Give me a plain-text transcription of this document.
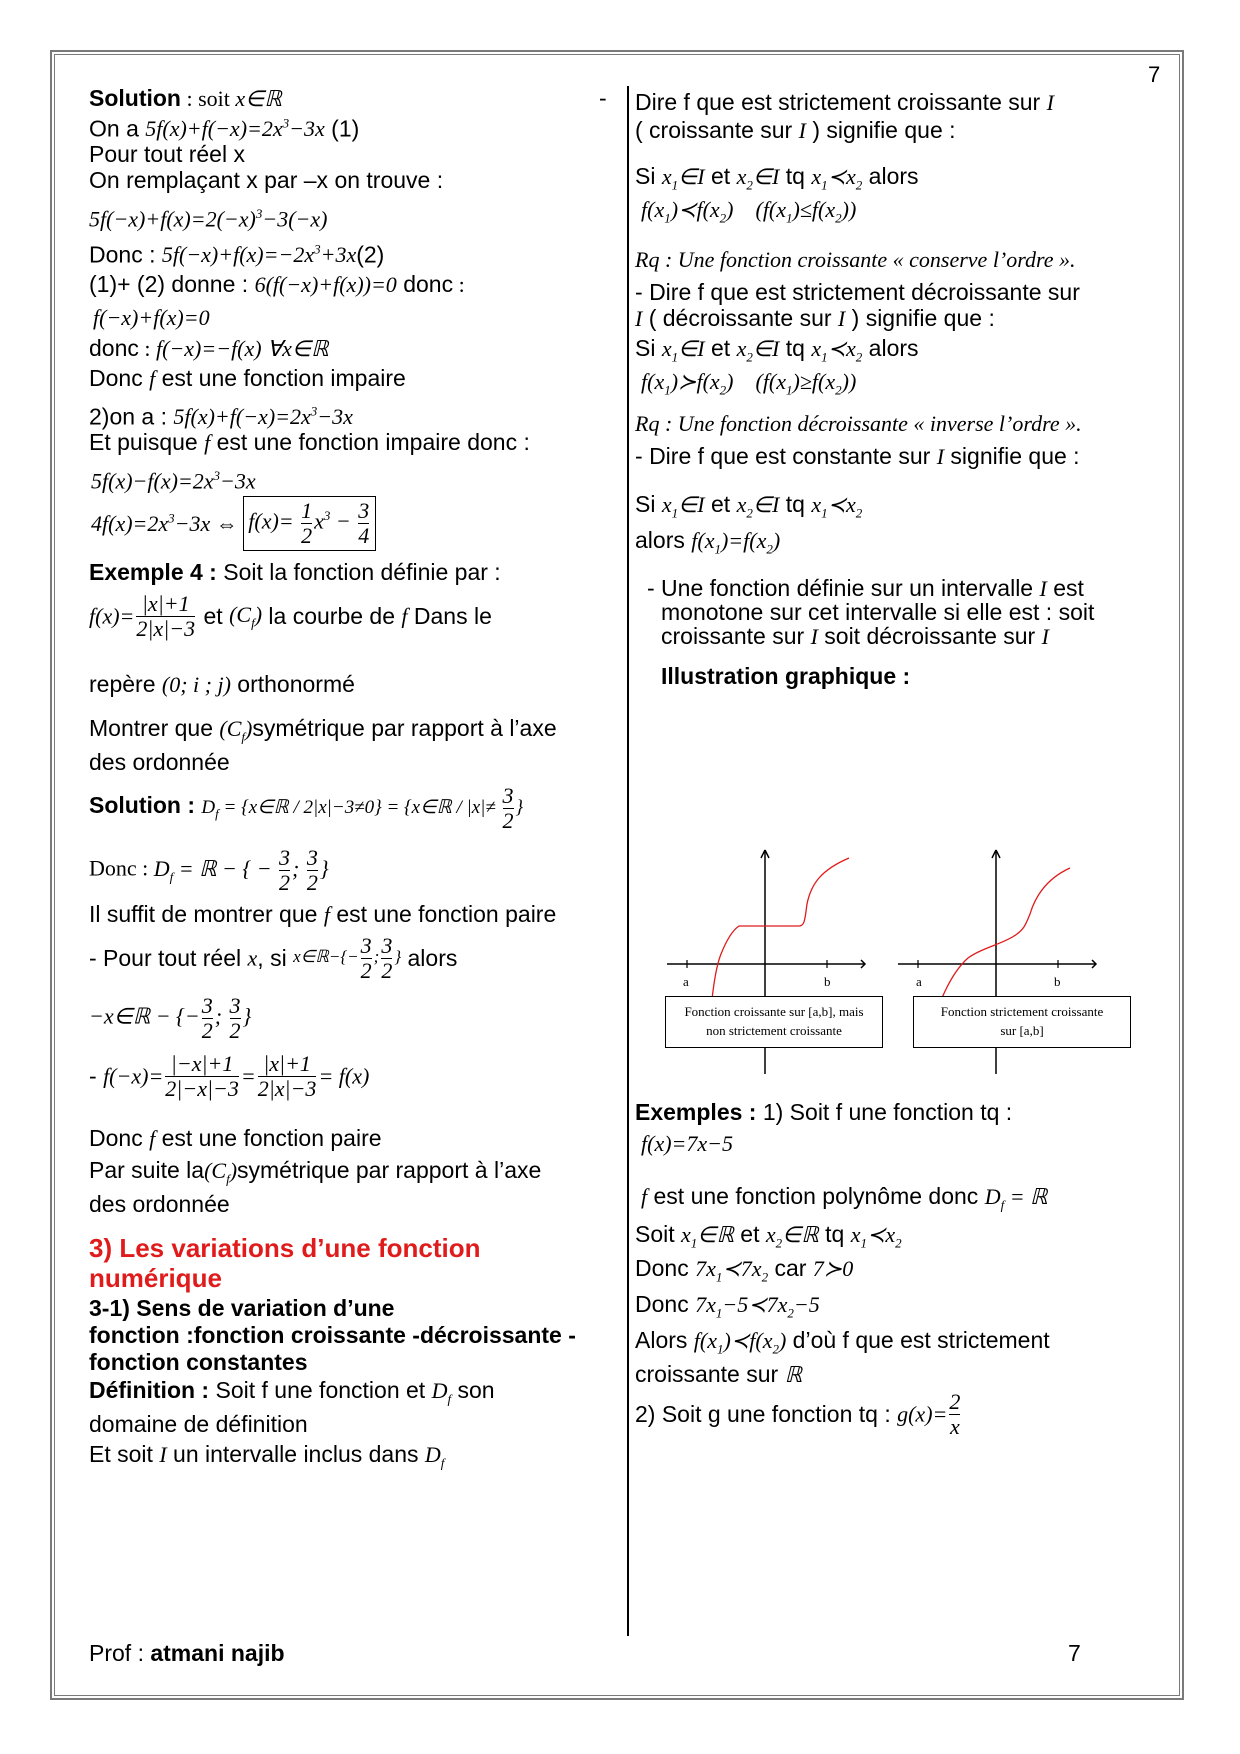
7
Solution : soit x∈ℝ	-
On a $5f(x)+f(-x)=2x^3-3x$ (1)
Pour tout réel x
On remplaçant x par –x on trouve :
$5f(-x)+f(x)=2(-x)^3-3(-x)$
Donc : $5f(-x)+f(x)=-2x^3+3x(2)$
(1)+ (2) donne : 6(f(−x)+f(x))=0 donc :
f(−x)+f(x)=0
donc : f(−x)=−f(x) ∀x∈ℝ
Donc f est une fonction impaire
2)on a : $5f(x)+f(-x)=2x^3-3x$
Et puisque f est une fonction impaire donc :
$5f(x)-f(x)=2x^3-3x$
$4f(x)=2x^3-3x$ ⇔ $f(x)= \frac{1}{2} x^3 - \frac{3}{4}$
Exemple 4 : Soit la fonction définie par :
$f(x)= \frac{|x|+1}{2|x|-3}$ et $(C_f)$ la courbe de f Dans le
repère (0; i ; j) orthonormé
Montrer que $(C_f)symétrique$ par rapport à l’axe
des ordonnée
Solution : $D_f$ = {x∈ℝ / 2|x|−3≠0} = {x∈ℝ / $|x|\ne \frac{3}{2}$ }
Donc : $D_f$ = ℝ − { − $\frac{3}{2}$ ; $\frac{3}{2}$ }
Il suffit de montrer que f est une fonction paire
- Pour tout réel x, si x∈ℝ−{− $\frac{3}{2}$ ; $\frac{3}{2}$ } alors
−x∈ℝ − {− $\frac{3}{2}$ ; $\frac{3}{2}$ }
- $f(-x)= \frac{|-x|+1}{2|-x|-3} = \frac{|x|+1}{2|x|-3} = f(x)$
Donc f est une fonction paire
Par suite $la(C_f)symétrique$ par rapport à l’axe
des ordonnée
3) Les variations d’une fonction
numérique
3-1) Sens de variation d’une
fonction :fonction croissante -décroissante -
fonction constantes
Définition : Soit f une fonction et $D_f$ son
domaine de définition
Et soit I un intervalle inclus dans $D_f$
Dire f que est strictement croissante sur I
( croissante sur I ) signifie que :
Si $x_1\in I$ et $x_2\in I$ tq $x_1≺x_2$ alors
$f(x_1)≺f(x_2)$    $(f(x_1)\le f(x_2))$
Rq : Une fonction croissante « conserve l’ordre ».
- Dire f que est strictement décroissante sur
I ( décroissante sur I ) signifie que :
Si $x_1\in I$ et $x_2\in I$ tq $x_1≺x_2$ alors
$f(x_1)≻f(x_2)$    $(f(x_1)\ge f(x_2))$
Rq : Une fonction décroissante « inverse l’ordre ».
- Dire f que est constante sur I signifie que :
Si $x_1\in I$ et $x_2\in I$ tq $x_1≺x_2$
alors $f(x_1)=f(x_2)$
- Une fonction définie sur un intervalle I est
monotone sur cet intervalle si elle est : soit
croissante sur I soit décroissante sur I
Illustration graphique :
a	b	a	b
Fonction croissante sur [a,b], mais
non strictement croissante
Fonction strictement croissante
sur [a,b]
Exemples : 1) Soit f une fonction tq :
f(x)=7x−5
f est une fonction polynôme donc $D_f$ = ℝ
Soit $x_1\in ℝ$ et $x_2\in ℝ$ tq $x_1≺x_2$
Donc $7x_1≺7x_2$ car 7≻0
Donc $7x_1-5≺7x_2-5$
Alors $f(x_1)≺f(x_2)$ d’où f que est strictement
croissante sur ℝ
2) Soit g une fonction tq : $g(x)= \frac{2}{x}$
Prof : atmani najib	7
